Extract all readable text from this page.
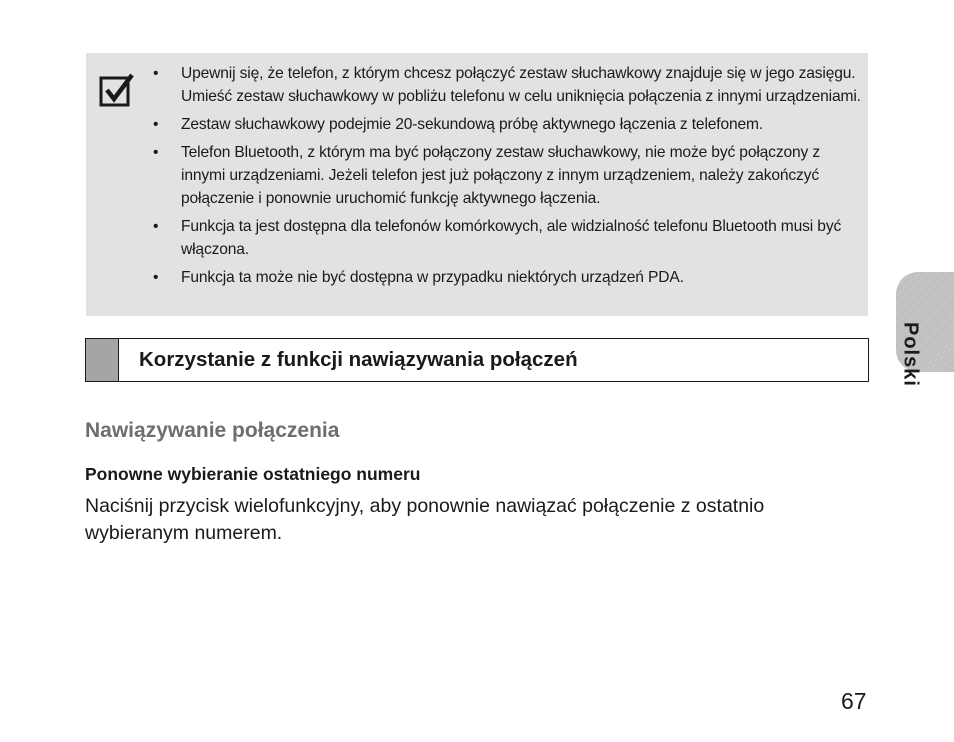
• Upewnij się, że telefon, z którym chcesz połączyć zestaw słuchawkowy znajduje się w jego zasięgu. Umieść zestaw słuchawkowy w pobliżu telefonu w celu uniknięcia połączenia z innymi urządzeniami.
• Zestaw słuchawkowy podejmie 20-sekundową próbę aktywnego łączenia z telefonem.
• Telefon Bluetooth, z którym ma być połączony zestaw słuchawkowy, nie może być połączony z innymi urządzeniami. Jeżeli telefon jest już połączony z innym urządzeniem, należy zakończyć połączenie i ponownie uruchomić funkcję aktywnego łączenia.
• Funkcja ta jest dostępna dla telefonów komórkowych, ale widzialność telefonu Bluetooth musi być włączona.
• Funkcja ta może nie być dostępna w przypadku niektórych urządzeń PDA.
Polski
Korzystanie z funkcji nawiązywania połączeń
Nawiązywanie połączenia
Ponowne wybieranie ostatniego numeru
Naciśnij przycisk wielofunkcyjny, aby ponownie nawiązać połączenie z ostatnio wybieranym numerem.
67
